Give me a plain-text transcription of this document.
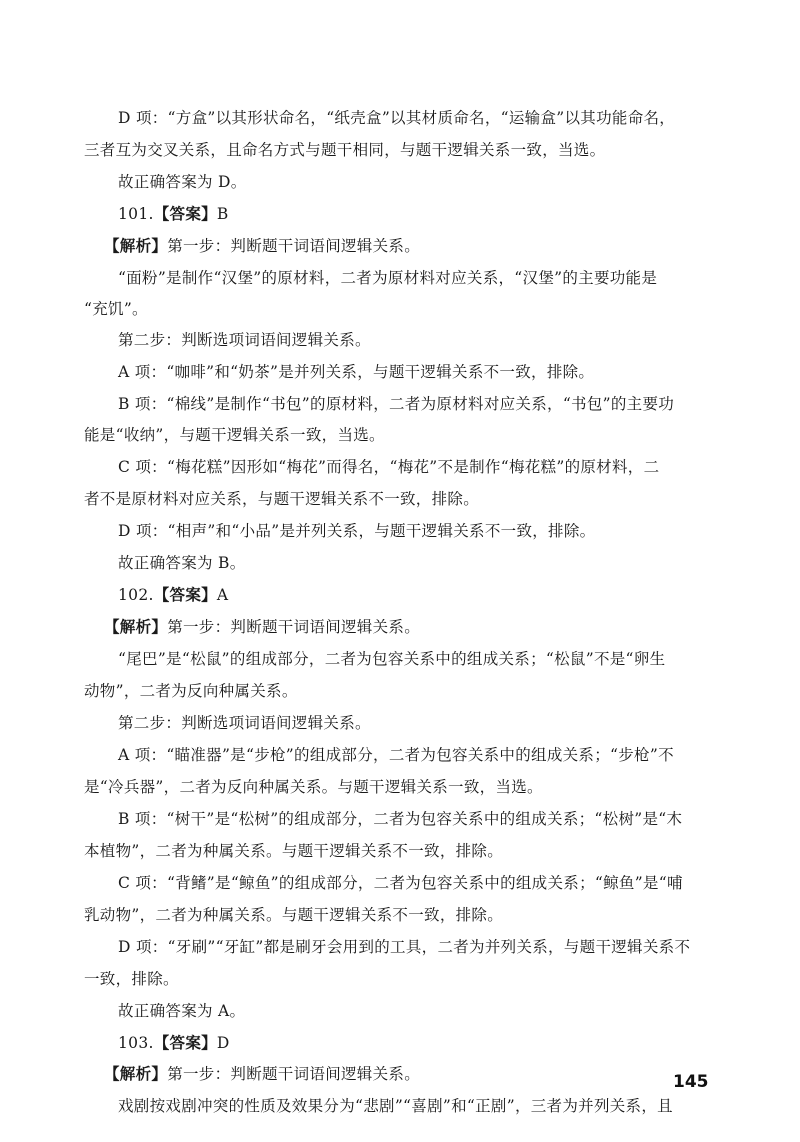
D 项：“方盒”以其形状命名，“纸壳盒”以其材质命名，“运输盒”以其功能命名，

三者互为交叉关系，且命名方式与题干相同，与题干逻辑关系一致，当选。

故正确答案为 D。

101.【答案】B

【解析】第一步：判断题干词语间逻辑关系。

“面粉”是制作“汉堡”的原材料，二者为原材料对应关系，“汉堡”的主要功能是

“充饥”。

第二步：判断选项词语间逻辑关系。

A 项：“咖啡”和“奶茶”是并列关系，与题干逻辑关系不一致，排除。

B 项：“棉线”是制作“书包”的原材料，二者为原材料对应关系，“书包”的主要功

能是“收纳”，与题干逻辑关系一致，当选。

C 项：“梅花糕”因形如“梅花”而得名，“梅花”不是制作“梅花糕”的原材料，二

者不是原材料对应关系，与题干逻辑关系不一致，排除。

D 项：“相声”和“小品”是并列关系，与题干逻辑关系不一致，排除。

故正确答案为 B。

102.【答案】A

【解析】第一步：判断题干词语间逻辑关系。

“尾巴”是“松鼠”的组成部分，二者为包容关系中的组成关系；“松鼠”不是“卵生

动物”，二者为反向种属关系。

第二步：判断选项词语间逻辑关系。

A 项：“瞄准器”是“步枪”的组成部分，二者为包容关系中的组成关系；“步枪”不

是“冷兵器”，二者为反向种属关系。与题干逻辑关系一致，当选。

B 项：“树干”是“松树”的组成部分，二者为包容关系中的组成关系；“松树”是“木

本植物”，二者为种属关系。与题干逻辑关系不一致，排除。

C 项：“背鳍”是“鲸鱼”的组成部分，二者为包容关系中的组成关系；“鲸鱼”是“哺

乳动物”，二者为种属关系。与题干逻辑关系不一致，排除。

D 项：“牙刷”“牙缸”都是刷牙会用到的工具，二者为并列关系，与题干逻辑关系不

一致，排除。

故正确答案为 A。

103.【答案】D

【解析】第一步：判断题干词语间逻辑关系。

戏剧按戏剧冲突的性质及效果分为“悲剧”“喜剧”和“正剧”，三者为并列关系，且

145
